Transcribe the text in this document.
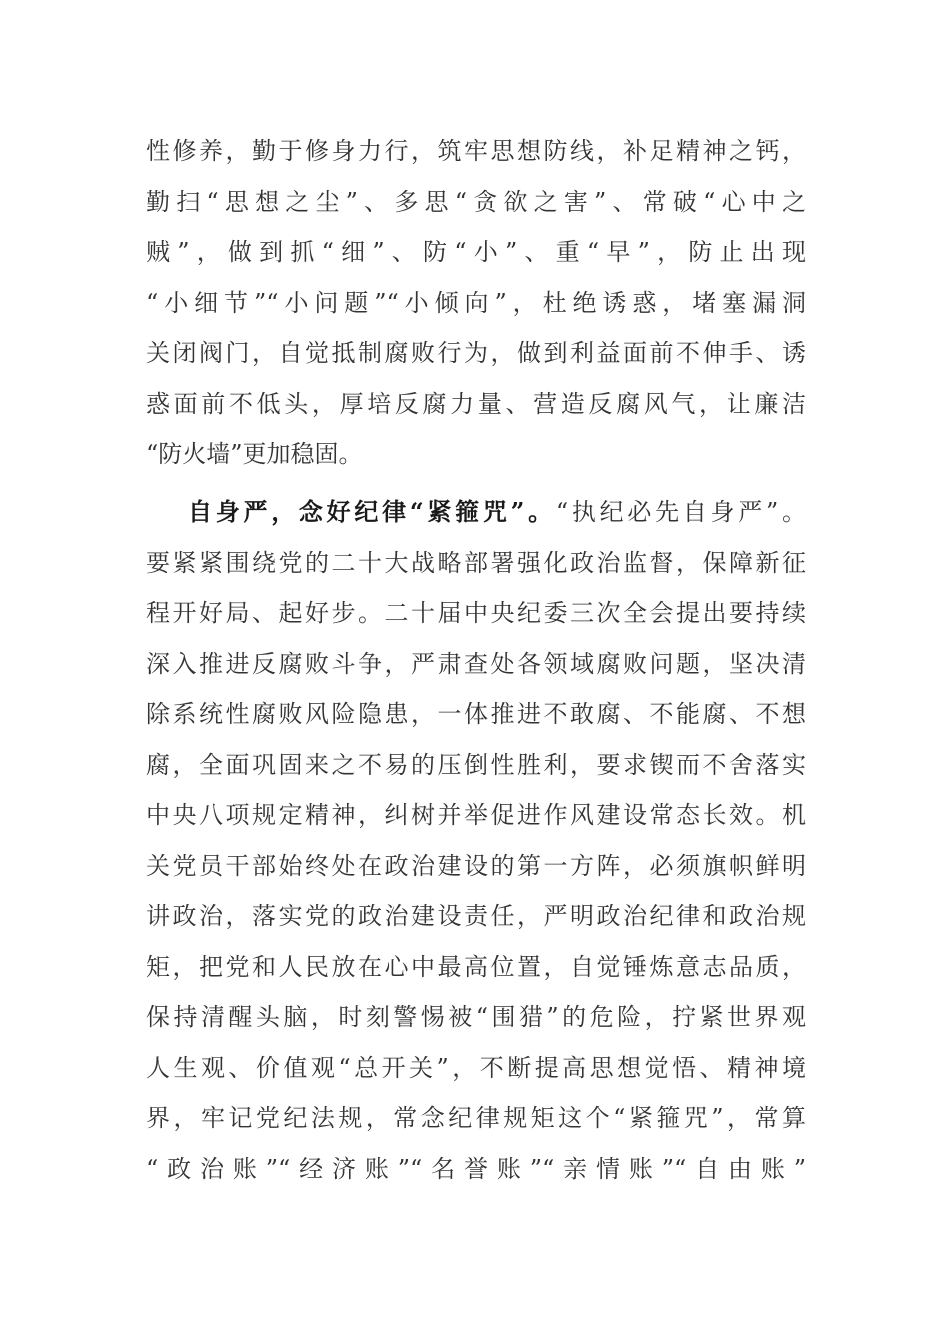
性修养，勤于修身力行，筑牢思想防线，补足精神之钙，
勤扫“思想之尘”、多思“贪欲之害”、常破“心中之
贼”，做到抓“细”、防“小”、重“早”，防止出现
“小细节”“小问题”“小倾向”，杜绝诱惑，堵塞漏洞
关闭阀门，自觉抵制腐败行为，做到利益面前不伸手、诱
惑面前不低头，厚培反腐力量、营造反腐风气，让廉洁
“防火墙”更加稳固。
自身严，念好纪律“紧箍咒”。“执纪必先自身严”。
要紧紧围绕党的二十大战略部署强化政治监督，保障新征
程开好局、起好步。二十届中央纪委三次全会提出要持续
深入推进反腐败斗争，严肃查处各领域腐败问题，坚决清
除系统性腐败风险隐患，一体推进不敢腐、不能腐、不想
腐，全面巩固来之不易的压倒性胜利，要求锲而不舍落实
中央八项规定精神，纠树并举促进作风建设常态长效。机
关党员干部始终处在政治建设的第一方阵，必须旗帜鲜明
讲政治，落实党的政治建设责任，严明政治纪律和政治规
矩，把党和人民放在心中最高位置，自觉锤炼意志品质，
保持清醒头脑，时刻警惕被“围猎”的危险，拧紧世界观
人生观、价值观“总开关”，不断提高思想觉悟、精神境
界，牢记党纪法规，常念纪律规矩这个“紧箍咒”，常算
“政治账”“经济账”“名誉账”“亲情账”“自由账”
